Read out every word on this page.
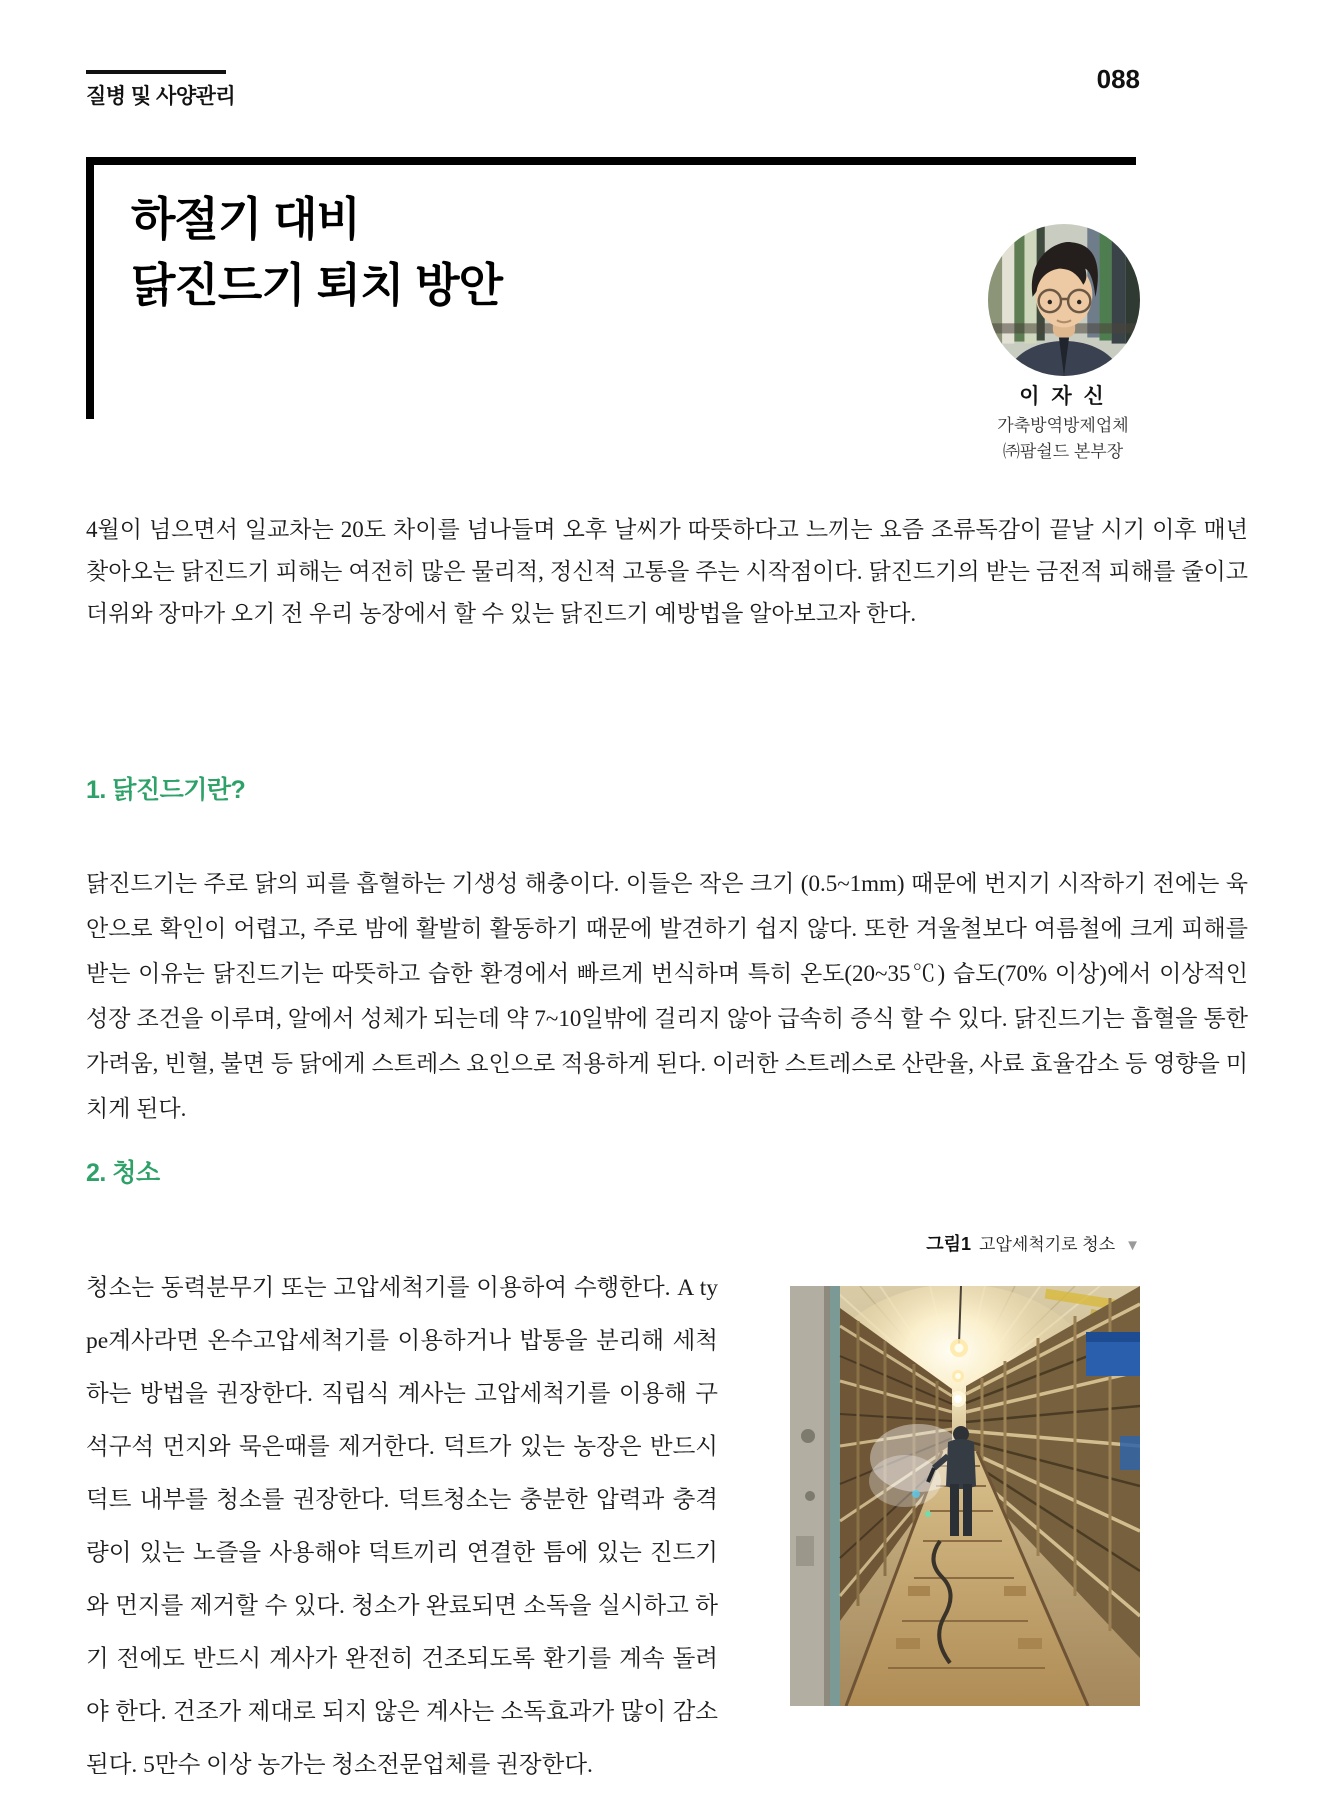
질병 및 사양관리
088
하절기 대비
닭진드기 퇴치 방안
이 자 신
가축방역방제업체
㈜팜쉴드 본부장

4월이 넘으면서 일교차는 20도 차이를 넘나들며 오후 날씨가 따뜻하다고 느끼는 요즘 조류독감이 끝날 시기 이후 매년 찾아오는 닭진드기 피해는 여전히 많은 물리적, 정신적 고통을 주는 시작점이다. 닭진드기의 받는 금전적 피해를 줄이고 더위와 장마가 오기 전 우리 농장에서 할 수 있는 닭진드기 예방법을 알아보고자 한다.

1. 닭진드기란?

닭진드기는 주로 닭의 피를 흡혈하는 기생성 해충이다. 이들은 작은 크기 (0.5~1mm) 때문에 번지기 시작하기 전에는 육안으로 확인이 어렵고, 주로 밤에 활발히 활동하기 때문에 발견하기 쉽지 않다. 또한 겨울철보다 여름철에 크게 피해를 받는 이유는 닭진드기는 따뜻하고 습한 환경에서 빠르게 번식하며 특히 온도(20~35℃) 습도(70% 이상)에서 이상적인 성장 조건을 이루며, 알에서 성체가 되는데 약 7~10일밖에 걸리지 않아 급속히 증식 할 수 있다. 닭진드기는 흡혈을 통한 가려움, 빈혈, 불면 등 닭에게 스트레스 요인으로 적용하게 된다. 이러한 스트레스로 산란율, 사료 효율감소 등 영향을 미치게 된다.

2. 청소
그림1 고압세척기로 청소 ▼

청소는 동력분무기 또는 고압세척기를 이용하여 수행한다. A type계사라면 온수고압세척기를 이용하거나 밥통을 분리해 세척하는 방법을 권장한다. 직립식 계사는 고압세척기를 이용해 구석구석 먼지와 묵은때를 제거한다. 덕트가 있는 농장은 반드시 덕트 내부를 청소를 권장한다. 덕트청소는 충분한 압력과 충격량이 있는 노즐을 사용해야 덕트끼리 연결한 틈에 있는 진드기와 먼지를 제거할 수 있다. 청소가 완료되면 소독을 실시하고 하기 전에도 반드시 계사가 완전히 건조되도록 환기를 계속 돌려야 한다. 건조가 제대로 되지 않은 계사는 소독효과가 많이 감소된다. 5만수 이상 농가는 청소전문업체를 권장한다.
